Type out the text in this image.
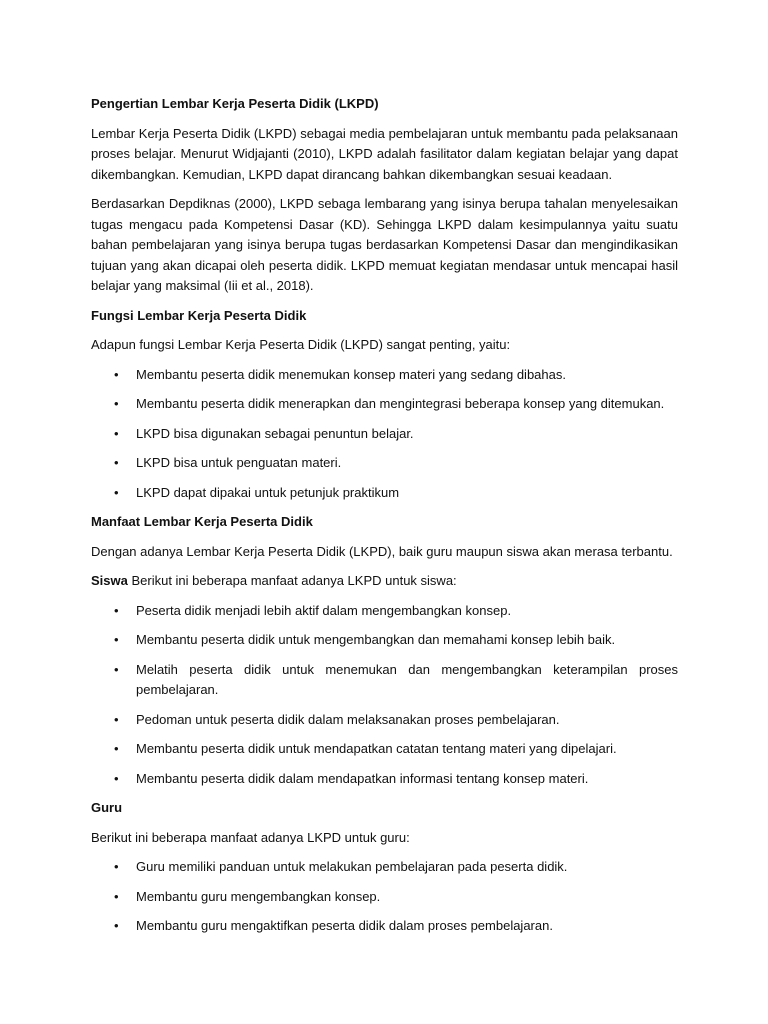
Pengertian Lembar Kerja Peserta Didik (LKPD)

Lembar Kerja Peserta Didik (LKPD) sebagai media pembelajaran untuk membantu pada pelaksanaan proses belajar. Menurut Widjajanti (2010), LKPD adalah fasilitator dalam kegiatan belajar yang dapat dikembangkan. Kemudian, LKPD dapat dirancang bahkan dikembangkan sesuai keadaan.

Berdasarkan Depdiknas (2000), LKPD sebaga lembarang yang isinya berupa tahalan menyelesaikan tugas mengacu pada Kompetensi Dasar (KD). Sehingga LKPD dalam kesimpulannya yaitu suatu bahan pembelajaran yang isinya berupa tugas berdasarkan Kompetensi Dasar dan mengindikasikan tujuan yang akan dicapai oleh peserta didik. LKPD memuat kegiatan mendasar untuk mencapai hasil belajar yang maksimal (Iii et al., 2018).

Fungsi Lembar Kerja Peserta Didik

Adapun fungsi Lembar Kerja Peserta Didik (LKPD) sangat penting, yaitu:

• Membantu peserta didik menemukan konsep materi yang sedang dibahas.
• Membantu peserta didik menerapkan dan mengintegrasi beberapa konsep yang ditemukan.
• LKPD bisa digunakan sebagai penuntun belajar.
• LKPD bisa untuk penguatan materi.
• LKPD dapat dipakai untuk petunjuk praktikum

Manfaat Lembar Kerja Peserta Didik

Dengan adanya Lembar Kerja Peserta Didik (LKPD), baik guru maupun siswa akan merasa terbantu.

Siswa Berikut ini beberapa manfaat adanya LKPD untuk siswa:

• Peserta didik menjadi lebih aktif dalam mengembangkan konsep.
• Membantu peserta didik untuk mengembangkan dan memahami konsep lebih baik.
• Melatih peserta didik untuk menemukan dan mengembangkan keterampilan proses pembelajaran.
• Pedoman untuk peserta didik dalam melaksanakan proses pembelajaran.
• Membantu peserta didik untuk mendapatkan catatan tentang materi yang dipelajari.
• Membantu peserta didik dalam mendapatkan informasi tentang konsep materi.

Guru

Berikut ini beberapa manfaat adanya LKPD untuk guru:

• Guru memiliki panduan untuk melakukan pembelajaran pada peserta didik.
• Membantu guru mengembangkan konsep.
• Membantu guru mengaktifkan peserta didik dalam proses pembelajaran.
